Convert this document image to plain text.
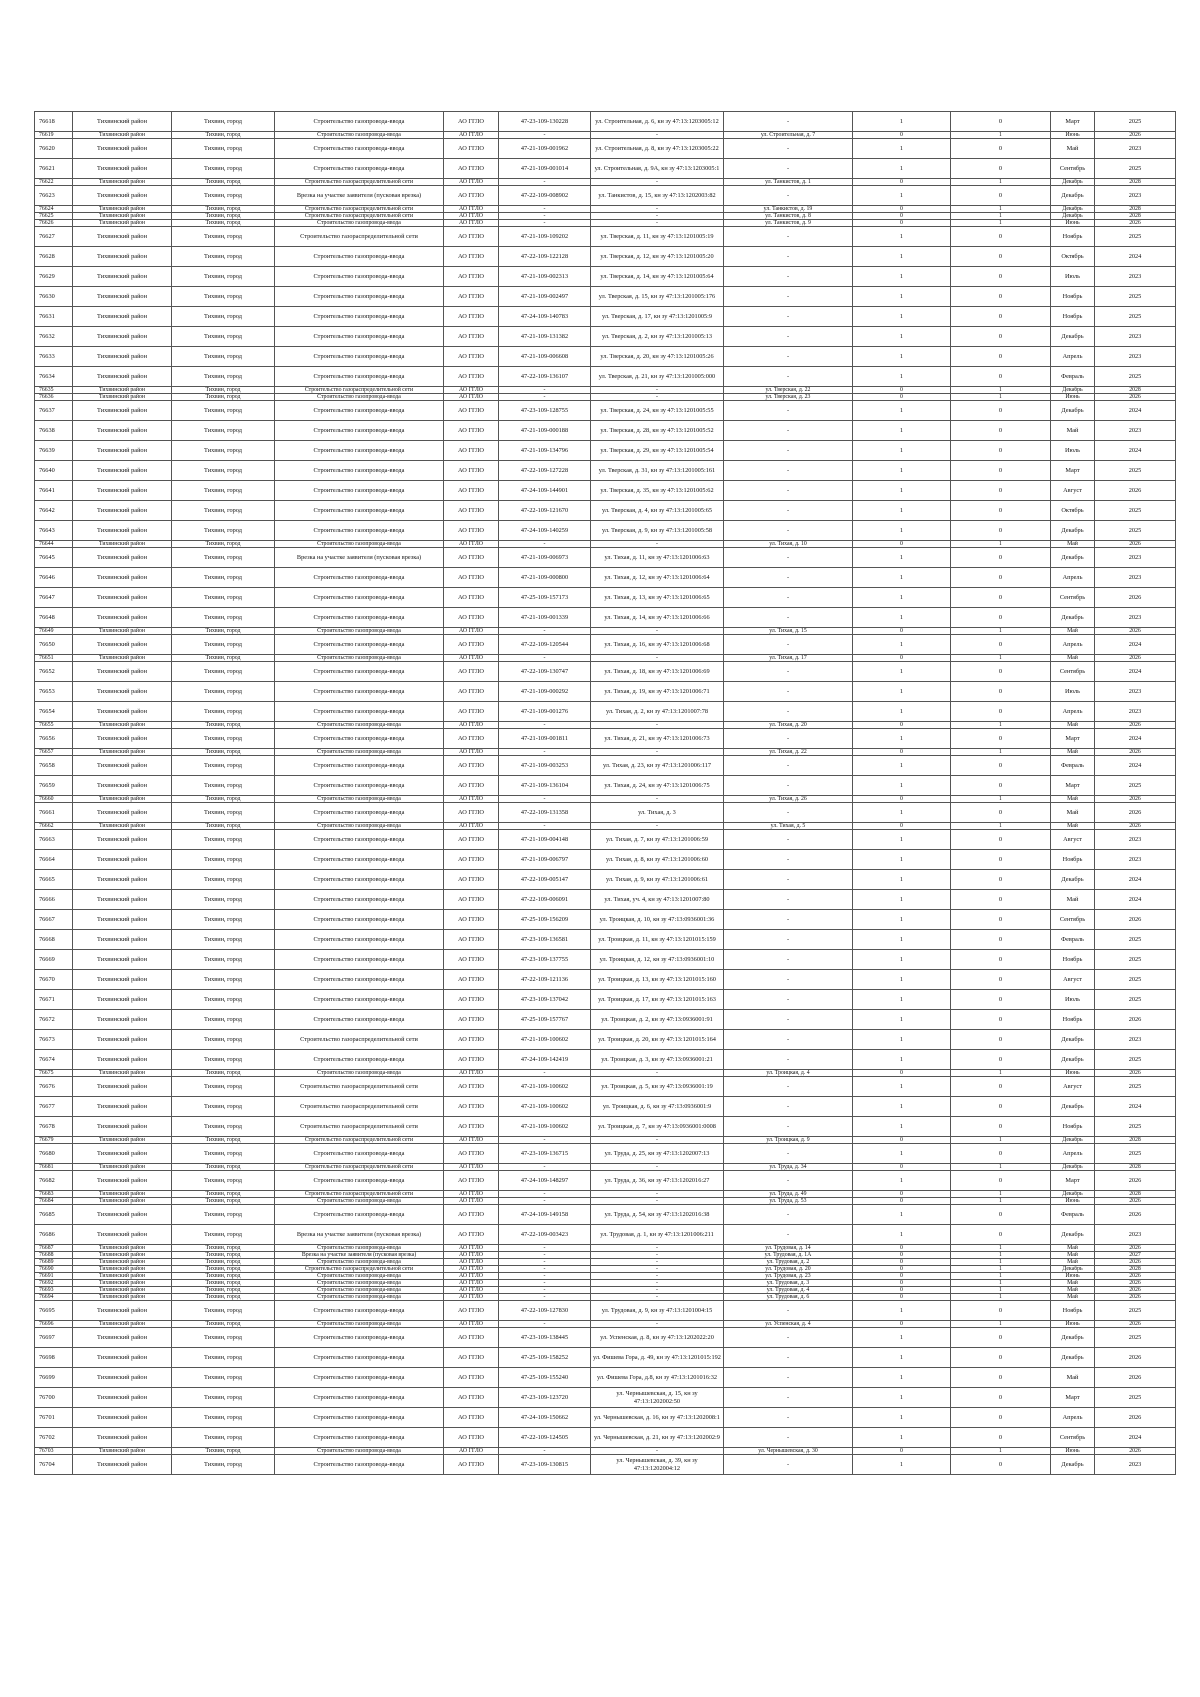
76618	Тихвинский район	Тихвин, город	Строительство газопровода-ввода	АО ГГЛО	47-23-109-130228	ул. Строительная, д. 6, кн зу 47:13:1203005:12	-	1	0	Март	2025
76619	Тихвинский район	Тихвин, город	Строительство газопровода-ввода	АО ГГЛО	-	-	ул. Строительная, д. 7	0	1	Июнь	2026
76620	Тихвинский район	Тихвин, город	Строительство газопровода-ввода	АО ГГЛО	47-21-109-001962	ул. Строительная, д. 8, кн зу 47:13:1203005:22	-	1	0	Май	2023
76621	Тихвинский район	Тихвин, город	Строительство газопровода-ввода	АО ГГЛО	47-21-109-001014	ул. Строительная, д. 9А, кн зу 47:13:1203005:1	-	1	0	Сентябрь	2025
76622	Тихвинский район	Тихвин, город	Строительство газораспределительной сети	АО ГГЛО	-	-	ул. Танкистов, д. 1	0	1	Декабрь	2028
76623	Тихвинский район	Тихвин, город	Врезка на участке заявителя (пусковая врезка)	АО ГГЛО	47-22-109-008902	ул. Танкистов, д. 15, кн зу 47:13:1202003:82	-	1	0	Декабрь	2023
76624	Тихвинский район	Тихвин, город	Строительство газораспределительной сети	АО ГГЛО	-	-	ул. Танкистов, д. 19	0	1	Декабрь	2028
76625	Тихвинский район	Тихвин, город	Строительство газораспределительной сети	АО ГГЛО	-	-	ул. Танкистов, д. 8	0	1	Декабрь	2028
76626	Тихвинский район	Тихвин, город	Строительство газопровода-ввода	АО ГГЛО	-	-	ул. Танкистов, д. 9	0	1	Июнь	2026
76627	Тихвинский район	Тихвин, город	Строительство газораспределительной сети	АО ГГЛО	47-21-109-109202	ул. Тверская, д. 11, кн зу 47:13:1201005:19	-	1	0	Ноябрь	2025
76628	Тихвинский район	Тихвин, город	Строительство газопровода-ввода	АО ГГЛО	47-22-109-122128	ул. Тверская, д. 12, кн зу 47:13:1201005:20	-	1	0	Октябрь	2024
76629	Тихвинский район	Тихвин, город	Строительство газопровода-ввода	АО ГГЛО	47-21-109-002313	ул. Тверская, д. 14, кн зу 47:13:1201005:64	-	1	0	Июль	2023
76630	Тихвинский район	Тихвин, город	Строительство газопровода-ввода	АО ГГЛО	47-21-109-002497	ул. Тверская, д. 15, кн зу 47:13:1201005:176	-	1	0	Ноябрь	2025
76631	Тихвинский район	Тихвин, город	Строительство газопровода-ввода	АО ГГЛО	47-24-109-140783	ул. Тверская, д. 17, кн зу 47:13:1201005:9	-	1	0	Ноябрь	2025
76632	Тихвинский район	Тихвин, город	Строительство газопровода-ввода	АО ГГЛО	47-21-109-131382	ул. Тверская, д. 2, кн зу 47:13:1201005:13	-	1	0	Декабрь	2023
76633	Тихвинский район	Тихвин, город	Строительство газопровода-ввода	АО ГГЛО	47-21-109-006608	ул. Тверская, д. 20, кн зу 47:13:1201005:26	-	1	0	Апрель	2023
76634	Тихвинский район	Тихвин, город	Строительство газопровода-ввода	АО ГГЛО	47-22-109-136107	ул. Тверская, д. 21, кн зу 47:13:1201005:000	-	1	0	Февраль	2025
76635	Тихвинский район	Тихвин, город	Строительство газораспределительной сети	АО ГГЛО	-	-	ул. Тверская, д. 22	0	1	Декабрь	2028
76636	Тихвинский район	Тихвин, город	Строительство газопровода-ввода	АО ГГЛО	-	-	ул. Тверская, д. 23	0	1	Июнь	2026
76637	Тихвинский район	Тихвин, город	Строительство газопровода-ввода	АО ГГЛО	47-23-109-128755	ул. Тверская, д. 24, кн зу 47:13:1201005:55	-	1	0	Декабрь	2024
76638	Тихвинский район	Тихвин, город	Строительство газопровода-ввода	АО ГГЛО	47-21-109-000188	ул. Тверская, д. 28, кн зу 47:13:1201005:52	-	1	0	Май	2023
76639	Тихвинский район	Тихвин, город	Строительство газопровода-ввода	АО ГГЛО	47-21-109-134796	ул. Тверская, д. 29, кн зу 47:13:1201005:54	-	1	0	Июль	2024
76640	Тихвинский район	Тихвин, город	Строительство газопровода-ввода	АО ГГЛО	47-22-109-127228	ул. Тверская, д. 31, кн зу 47:13:1201005:161	-	1	0	Март	2025
76641	Тихвинский район	Тихвин, город	Строительство газопровода-ввода	АО ГГЛО	47-24-109-144901	ул. Тверская, д. 35, кн зу 47:13:1201005:62	-	1	0	Август	2026
76642	Тихвинский район	Тихвин, город	Строительство газопровода-ввода	АО ГГЛО	47-22-109-121670	ул. Тверская, д. 4, кн зу 47:13:1201005:65	-	1	0	Октябрь	2025
76643	Тихвинский район	Тихвин, город	Строительство газопровода-ввода	АО ГГЛО	47-24-109-140259	ул. Тверская, д. 9, кн зу 47:13:1201005:58	-	1	0	Декабрь	2025
76644	Тихвинский район	Тихвин, город	Строительство газопровода-ввода	АО ГГЛО	-	-	ул. Тихая, д. 10	0	1	Май	2026
76645	Тихвинский район	Тихвин, город	Врезка на участке заявителя (пусковая врезка)	АО ГГЛО	47-21-109-006973	ул. Тихая, д. 11, кн зу 47:13:1201006:63	-	1	0	Декабрь	2023
76646	Тихвинский район	Тихвин, город	Строительство газопровода-ввода	АО ГГЛО	47-21-109-000800	ул. Тихая, д. 12, кн зу 47:13:1201006:64	-	1	0	Апрель	2023
76647	Тихвинский район	Тихвин, город	Строительство газопровода-ввода	АО ГГЛО	47-25-109-157173	ул. Тихая, д. 13, кн зу 47:13:1201006:65	-	1	0	Сентябрь	2026
76648	Тихвинский район	Тихвин, город	Строительство газопровода-ввода	АО ГГЛО	47-21-109-001339	ул. Тихая, д. 14, кн зу 47:13:1201006:66	-	1	0	Декабрь	2023
76649	Тихвинский район	Тихвин, город	Строительство газопровода-ввода	АО ГГЛО	-	-	ул. Тихая, д. 15	0	1	Май	2026
76650	Тихвинский район	Тихвин, город	Строительство газопровода-ввода	АО ГГЛО	47-22-109-120544	ул. Тихая, д. 16, кн зу 47:13:1201006:68	-	1	0	Апрель	2024
76651	Тихвинский район	Тихвин, город	Строительство газопровода-ввода	АО ГГЛО	-	-	ул. Тихая, д. 17	0	1	Май	2026
76652	Тихвинский район	Тихвин, город	Строительство газопровода-ввода	АО ГГЛО	47-22-109-130747	ул. Тихая, д. 18, кн зу 47:13:1201006:69	-	1	0	Сентябрь	2024
76653	Тихвинский район	Тихвин, город	Строительство газопровода-ввода	АО ГГЛО	47-21-109-000292	ул. Тихая, д. 19, кн зу 47:13:1201006:71	-	1	0	Июль	2023
76654	Тихвинский район	Тихвин, город	Строительство газопровода-ввода	АО ГГЛО	47-21-109-001276	ул. Тихая, д. 2, кн зу 47:13:1201007:78	-	1	0	Апрель	2023
76655	Тихвинский район	Тихвин, город	Строительство газопровода-ввода	АО ГГЛО	-	-	ул. Тихая, д. 20	0	1	Май	2026
76656	Тихвинский район	Тихвин, город	Строительство газопровода-ввода	АО ГГЛО	47-21-109-001811	ул. Тихая, д. 21, кн зу 47:13:1201006:73	-	1	0	Март	2024
76657	Тихвинский район	Тихвин, город	Строительство газопровода-ввода	АО ГГЛО	-	-	ул. Тихая, д. 22	0	1	Май	2026
76658	Тихвинский район	Тихвин, город	Строительство газопровода-ввода	АО ГГЛО	47-21-109-003253	ул. Тихая, д. 23, кн зу 47:13:1201006:117	-	1	0	Февраль	2024
76659	Тихвинский район	Тихвин, город	Строительство газопровода-ввода	АО ГГЛО	47-21-109-136104	ул. Тихая, д. 24, кн зу 47:13:1201006:75	-	1	0	Март	2025
76660	Тихвинский район	Тихвин, город	Строительство газопровода-ввода	АО ГГЛО	-	-	ул. Тихая, д. 26	0	1	Май	2026
76661	Тихвинский район	Тихвин, город	Строительство газопровода-ввода	АО ГГЛО	47-22-109-131358	ул. Тихая, д. 3	-	1	0	Май	2026
76662	Тихвинский район	Тихвин, город	Строительство газопровода-ввода	АО ГГЛО	-	-	ул. Тихая, д. 5	0	1	Май	2026
76663	Тихвинский район	Тихвин, город	Строительство газопровода-ввода	АО ГГЛО	47-21-109-004148	ул. Тихая, д. 7, кн зу 47:13:1201006:59	-	1	0	Август	2023
76664	Тихвинский район	Тихвин, город	Строительство газопровода-ввода	АО ГГЛО	47-21-109-006797	ул. Тихая, д. 8, кн зу 47:13:1201006:60	-	1	0	Ноябрь	2023
76665	Тихвинский район	Тихвин, город	Строительство газопровода-ввода	АО ГГЛО	47-22-109-005147	ул. Тихая, д. 9, кн зу 47:13:1201006:61	-	1	0	Декабрь	2024
76666	Тихвинский район	Тихвин, город	Строительство газопровода-ввода	АО ГГЛО	47-22-109-006091	ул. Тихая, уч. 4, кн зу 47:13:1201007:80	-	1	0	Май	2024
76667	Тихвинский район	Тихвин, город	Строительство газопровода-ввода	АО ГГЛО	47-25-109-156209	ул. Троицкая, д. 10, кн зу 47:13:0936001:36	-	1	0	Сентябрь	2026
76668	Тихвинский район	Тихвин, город	Строительство газопровода-ввода	АО ГГЛО	47-23-109-136581	ул. Троицкая, д. 11, кн зу 47:13:1201015:159	-	1	0	Февраль	2025
76669	Тихвинский район	Тихвин, город	Строительство газопровода-ввода	АО ГГЛО	47-23-109-137755	ул. Троицкая, д. 12, кн зу 47:13:0936001:10	-	1	0	Ноябрь	2025
76670	Тихвинский район	Тихвин, город	Строительство газопровода-ввода	АО ГГЛО	47-22-109-121136	ул. Троицкая, д. 13, кн зу 47:13:1201015:160	-	1	0	Август	2025
76671	Тихвинский район	Тихвин, город	Строительство газопровода-ввода	АО ГГЛО	47-23-109-137042	ул. Троицкая, д. 17, кн зу 47:13:1201015:163	-	1	0	Июль	2025
76672	Тихвинский район	Тихвин, город	Строительство газопровода-ввода	АО ГГЛО	47-25-109-157767	ул. Троицкая, д. 2, кн зу 47:13:0936001:91	-	1	0	Ноябрь	2026
76673	Тихвинский район	Тихвин, город	Строительство газораспределительной сети	АО ГГЛО	47-21-109-100602	ул. Троицкая, д. 20, кн зу 47:13:1201015:164	-	1	0	Декабрь	2023
76674	Тихвинский район	Тихвин, город	Строительство газопровода-ввода	АО ГГЛО	47-24-109-142419	ул. Троицкая, д. 3, кн зу 47:13:0936001:21	-	1	0	Декабрь	2025
76675	Тихвинский район	Тихвин, город	Строительство газопровода-ввода	АО ГГЛО	-	-	ул. Троицкая, д. 4	0	1	Июнь	2026
76676	Тихвинский район	Тихвин, город	Строительство газораспределительной сети	АО ГГЛО	47-21-109-100602	ул. Троицкая, д. 5, кн зу 47:13:0936001:19	-	1	0	Август	2025
76677	Тихвинский район	Тихвин, город	Строительство газораспределительной сети	АО ГГЛО	47-21-109-100602	ул. Троицкая, д. 6, кн зу 47:13:0936001:9	-	1	0	Декабрь	2024
76678	Тихвинский район	Тихвин, город	Строительство газораспределительной сети	АО ГГЛО	47-21-109-100602	ул. Троицкая, д. 7, кн зу 47:13:0936001:0008	-	1	0	Ноябрь	2025
76679	Тихвинский район	Тихвин, город	Строительство газораспределительной сети	АО ГГЛО	-	-	ул. Троицкая, д. 9	0	1	Декабрь	2028
76680	Тихвинский район	Тихвин, город	Строительство газопровода-ввода	АО ГГЛО	47-23-109-136715	ул. Труда, д. 25, кн зу 47:13:1202007:13	-	1	0	Апрель	2025
76681	Тихвинский район	Тихвин, город	Строительство газораспределительной сети	АО ГГЛО	-	-	ул. Труда, д. 34	0	1	Декабрь	2028
76682	Тихвинский район	Тихвин, город	Строительство газопровода-ввода	АО ГГЛО	47-24-109-148297	ул. Труда, д. 36, кн зу 47:13:1202016:27	-	1	0	Март	2026
76683	Тихвинский район	Тихвин, город	Строительство газораспределительной сети	АО ГГЛО	-	-	ул. Труда, д. 49	0	1	Декабрь	2028
76684	Тихвинский район	Тихвин, город	Строительство газопровода-ввода	АО ГГЛО	-	-	ул. Труда, д. 53	0	1	Июнь	2026
76685	Тихвинский район	Тихвин, город	Строительство газопровода-ввода	АО ГГЛО	47-24-109-149158	ул. Труда, д. 54, кн зу 47:13:1202016:38	-	1	0	Февраль	2026
76686	Тихвинский район	Тихвин, город	Врезка на участке заявителя (пусковая врезка)	АО ГГЛО	47-22-109-003423	ул. Трудовая, д. 1, кн зу 47:13:1201006:211	-	1	0	Декабрь	2023
76687	Тихвинский район	Тихвин, город	Строительство газопровода-ввода	АО ГГЛО	-	-	ул. Трудовая, д. 14	0	1	Май	2026
76688	Тихвинский район	Тихвин, город	Врезка на участке заявителя (пусковая врезка)	АО ГГЛО	-	-	ул. Трудовая, д. 1А	0	1	Май	2027
76689	Тихвинский район	Тихвин, город	Строительство газопровода-ввода	АО ГГЛО	-	-	ул. Трудовая, д. 2	0	1	Май	2026
76690	Тихвинский район	Тихвин, город	Строительство газораспределительной сети	АО ГГЛО	-	-	ул. Трудовая, д. 20	0	1	Декабрь	2028
76691	Тихвинский район	Тихвин, город	Строительство газопровода-ввода	АО ГГЛО	-	-	ул. Трудовая, д. 23	0	1	Июнь	2026
76692	Тихвинский район	Тихвин, город	Строительство газопровода-ввода	АО ГГЛО	-	-	ул. Трудовая, д. 3	0	1	Май	2026
76693	Тихвинский район	Тихвин, город	Строительство газопровода-ввода	АО ГГЛО	-	-	ул. Трудовая, д. 4	0	1	Май	2026
76694	Тихвинский район	Тихвин, город	Строительство газопровода-ввода	АО ГГЛО	-	-	ул. Трудовая, д. 6	0	1	Май	2026
76695	Тихвинский район	Тихвин, город	Строительство газопровода-ввода	АО ГГЛО	47-22-109-127830	ул. Трудовая, д. 9, кн зу 47:13:1201004:15	-	1	0	Ноябрь	2025
76696	Тихвинский район	Тихвин, город	Строительство газопровода-ввода	АО ГГЛО	-	-	ул. Успенская, д. 4	0	1	Июнь	2026
76697	Тихвинский район	Тихвин, город	Строительство газопровода-ввода	АО ГГЛО	47-23-109-138445	ул. Успенская, д. 8, кн зу 47:13:1202022:20	-	1	0	Декабрь	2025
76698	Тихвинский район	Тихвин, город	Строительство газопровода-ввода	АО ГГЛО	47-25-109-158252	ул. Фишева Гора, д. 49, кн зу 47:13:1201015:192	-	1	0	Декабрь	2026
76699	Тихвинский район	Тихвин, город	Строительство газопровода-ввода	АО ГГЛО	47-25-109-155240	ул. Фишева Гора, д.8, кн зу 47:13:1201016:32	-	1	0	Май	2026
76700	Тихвинский район	Тихвин, город	Строительство газопровода-ввода	АО ГГЛО	47-23-109-123720	ул. Чернышевская, д. 15, кн зу 47:13:1202002:50	-	1	0	Март	2025
76701	Тихвинский район	Тихвин, город	Строительство газопровода-ввода	АО ГГЛО	47-24-109-150662	ул. Чернышевская, д. 16, кн зу 47:13:1202008:1	-	1	0	Апрель	2026
76702	Тихвинский район	Тихвин, город	Строительство газопровода-ввода	АО ГГЛО	47-22-109-124505	ул. Чернышевская, д. 21, кн зу 47:13:1202002:9	-	1	0	Сентябрь	2024
76703	Тихвинский район	Тихвин, город	Строительство газопровода-ввода	АО ГГЛО	-	-	ул. Чернышевская, д. 30	0	1	Июнь	2026
76704	Тихвинский район	Тихвин, город	Строительство газопровода-ввода	АО ГГЛО	47-23-109-130815	ул. Чернышевская, д. 39, кн зу 47:13:1202004:12	-	1	0	Декабрь	2023
